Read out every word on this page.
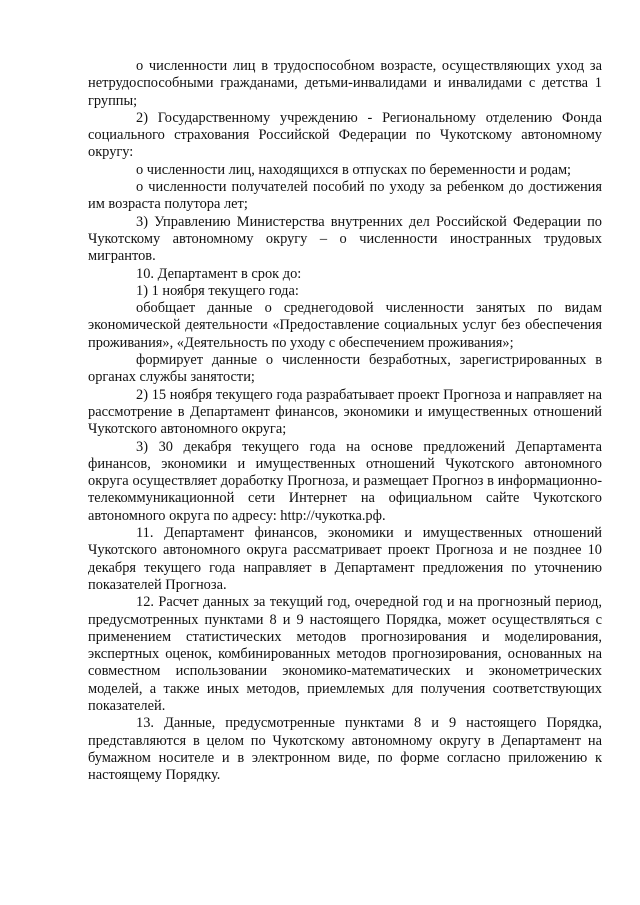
о численности лиц в трудоспособном возрасте, осуществляющих уход за нетрудоспособными гражданами, детьми-инвалидами и инвалидами с детства 1 группы;

2) Государственному учреждению - Региональному отделению Фонда социального страхования Российской Федерации по Чукотскому автономному округу:

о численности лиц, находящихся в отпусках по беременности и родам;

о численности получателей пособий по уходу за ребенком до достижения им возраста полутора лет;

3) Управлению Министерства внутренних дел Российской Федерации по Чукотскому автономному округу – о численности иностранных трудовых мигрантов.

10. Департамент в срок до:

1) 1 ноября текущего года:

обобщает данные о среднегодовой численности занятых по видам экономической деятельности «Предоставление социальных услуг без обеспечения проживания», «Деятельность по уходу с обеспечением проживания»;

формирует данные о численности безработных, зарегистрированных в органах службы занятости;

2) 15 ноября текущего года разрабатывает проект Прогноза и направляет на рассмотрение в Департамент финансов, экономики и имущественных отношений Чукотского автономного округа;

3) 30 декабря текущего года на основе предложений Департамента финансов, экономики и имущественных отношений Чукотского автономного округа осуществляет доработку Прогноза, и размещает Прогноз в информационно-телекоммуникационной сети Интернет на официальном сайте Чукотского автономного округа по адресу: http://чукотка.рф.

11. Департамент финансов, экономики и имущественных отношений Чукотского автономного округа рассматривает проект Прогноза и не позднее 10 декабря текущего года направляет в Департамент предложения по уточнению показателей Прогноза.

12. Расчет данных за текущий год, очередной год и на прогнозный период, предусмотренных пунктами 8 и 9 настоящего Порядка, может осуществляться с применением статистических методов прогнозирования и моделирования, экспертных оценок, комбинированных методов прогнозирования, основанных на совместном использовании экономико-математических и эконометрических моделей, а также иных методов, приемлемых для получения соответствующих показателей.

13. Данные, предусмотренные пунктами 8 и 9 настоящего Порядка, представляются в целом по Чукотскому автономному округу в Департамент на бумажном носителе и в электронном виде, по форме согласно приложению к настоящему Порядку.
